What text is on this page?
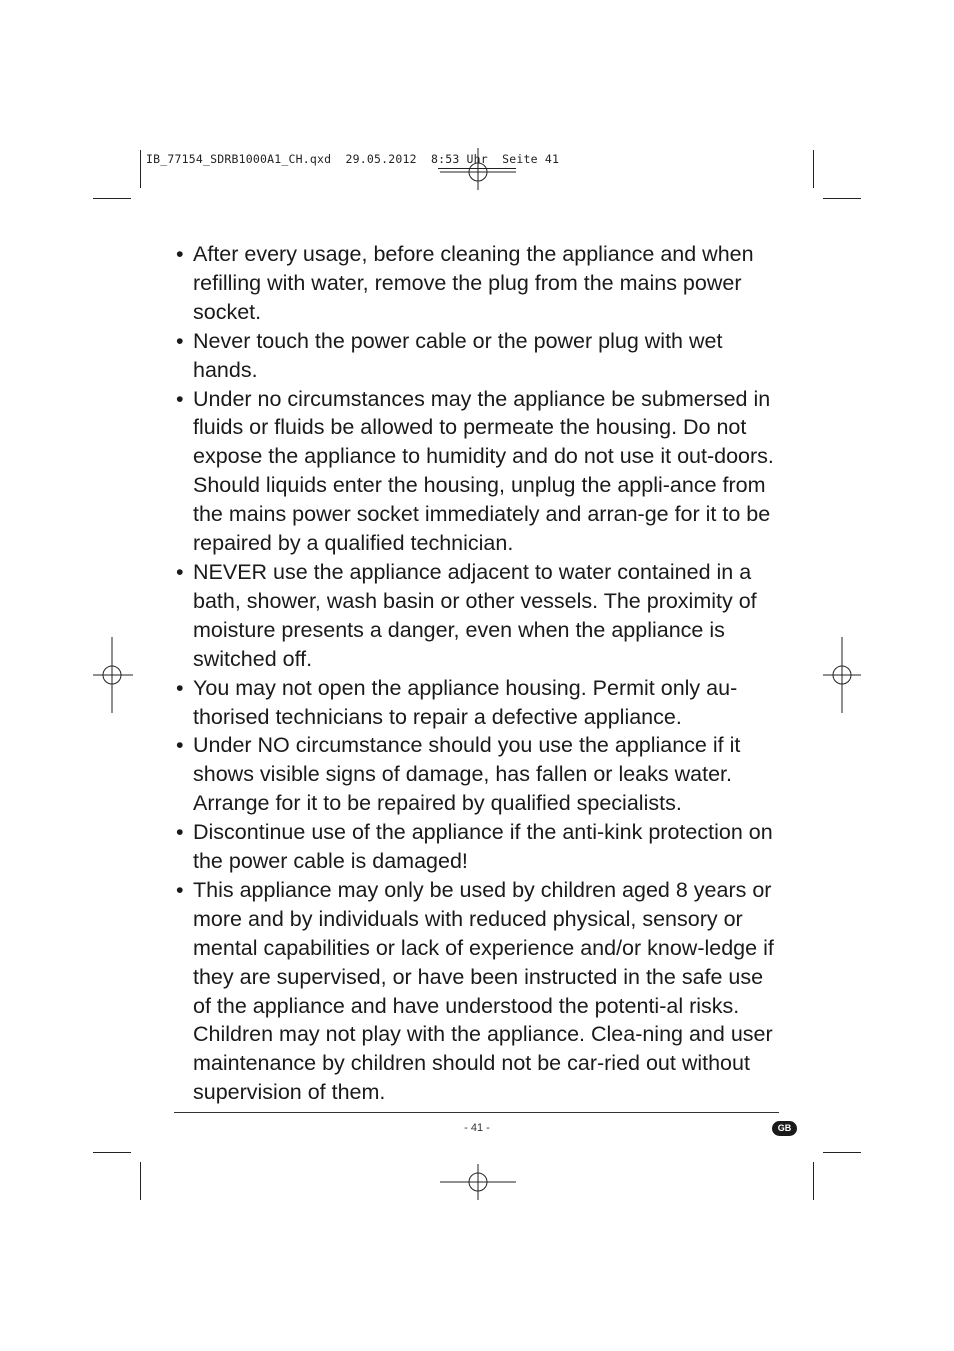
IB_77154_SDRB1000A1_CH.qxd  29.05.2012  8:53 Uhr  Seite 41
• After every usage, before cleaning the appliance and when refilling with water, remove the plug from the mains power socket.
• Never touch the power cable or the power plug with wet hands.
• Under no circumstances may the appliance be submersed in fluids or fluids be allowed to permeate the housing. Do not expose the appliance to humidity and do not use it out-doors. Should liquids enter the housing, unplug the appli-ance from the mains power socket immediately and arran-ge for it to be repaired by a qualified technician.
• NEVER use the appliance adjacent to water contained in a bath, shower, wash basin or other vessels. The proximity of moisture presents a danger, even when the appliance is switched off.
• You may not open the appliance housing. Permit only au-thorised technicians to repair a defective appliance.
• Under NO circumstance should you use the appliance if it shows visible signs of damage, has fallen or leaks water. Arrange for it to be repaired by qualified specialists.
• Discontinue use of the appliance if the anti-kink protection on the power cable is damaged!
• This appliance may only be used by children aged 8 years or more and by individuals with reduced physical, sensory or mental capabilities or lack of experience and/or know-ledge if they are supervised, or have been instructed in the safe use of the appliance and have understood the potenti-al risks. Children may not play with the appliance. Clea-ning and user maintenance by children should not be car-ried out without supervision of them.
- 41 -	GB
